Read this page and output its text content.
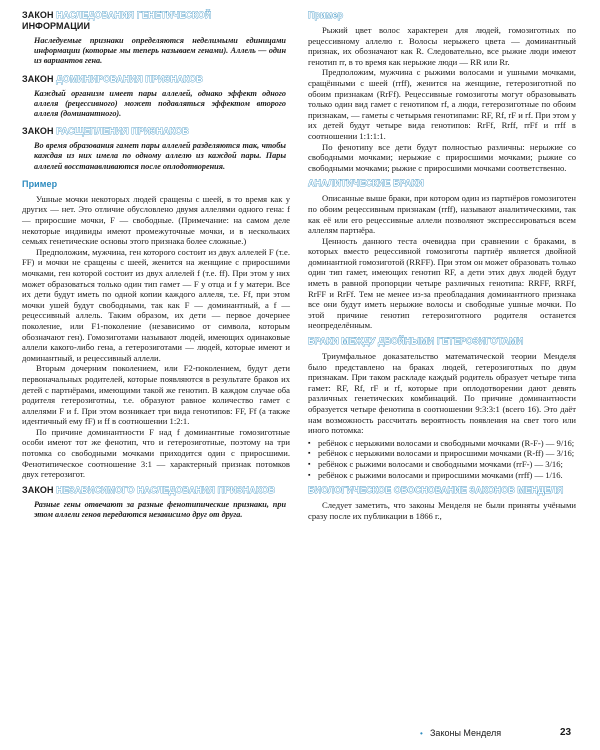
ЗАКОН НАСЛЕДОВАНИЯ ГЕНЕТИЧЕСКОЙ
ИНФОРМАЦИИ

Наследуемые признаки определяются неделимыми единицами информации (которые мы теперь называем генами). Аллель — один из вариантов гена.

ЗАКОН ДОМИНИРОВАНИЯ ПРИЗНАКОВ

Каждый организм имеет пары аллелей, однако эффект одного аллеля (рецессивного) может подавляться эффектом второго аллеля (доминантного).

ЗАКОН РАСЩЕПЛЕНИЯ ПРИЗНАКОВ

Во время образования гамет пары аллелей разделяются так, чтобы каждая из них имела по одному аллелю из каждой пары. Пары аллелей восстанавливаются после оплодотворения.

Пример

Ушные мочки некоторых людей сращены с шеей, в то время как у других — нет. Это отличие обусловлено двумя аллелями одного гена: f — приросшие мочки, F — свободные. (Примечание: на самом деле некоторые индивиды имеют промежуточные мочки, и в нескольких семьях генетические основы этого признака более сложные.)

Предположим, мужчина, ген которого состоит из двух аллелей F (т.е. FF) и мочки не сращены с шеей, женится на женщине с приросшими мочками, ген которой состоит из двух аллелей f (т.е. ff). При этом у них может образоваться только один тип гамет — F у отца и f у матери. Все их дети будут иметь по одной копии каждого аллеля, т.е. Ff, при этом мочки ушей будут свободными, так как F — доминантный, а f — рецессивный аллель. Таким образом, их дети — первое дочернее поколение, или F1-поколение (независимо от символа, которым обозначают ген). Гомозиготами называют людей, имеющих одинаковые аллели какого-либо гена, а гетерозиготами — людей, которые имеют и доминантный, и рецессивный аллели.

Вторым дочерним поколением, или F2-поколением, будут дети первоначальных родителей, которые появляются в результате браков их детей с партнёрами, имеющими такой же генотип. В каждом случае оба родителя гетерозиготны, т.е. образуют равное количество гамет с аллелями F и f. При этом возникает три вида генотипов: FF, Ff (а также идентичный ему fF) и ff в соотношении 1:2:1.

По причине доминантности F над f доминантные гомозиготные особи имеют тот же фенотип, что и гетерозиготные, поэтому на три потомка со свободными мочками приходится один с приросшими. Фенотипическое соотношение 3:1 — характерный признак потомков двух гетерозигот.

ЗАКОН НЕЗАВИСИМОГО НАСЛЕДОВАНИЯ ПРИЗНАКОВ

Разные гены отвечают за разные фенотипические признаки, при этом аллели генов передаются независимо друг от друга.

Пример

Рыжий цвет волос характерен для людей, гомозиготных по рецессивному аллелю r. Волосы нерыжего цвета — доминантный признак, их обозначают как R. Следовательно, все рыжие люди имеют генотип rr, в то время как нерыжие люди — RR или Rr.

Предположим, мужчина с рыжими волосами и ушными мочками, сращёнными с шеей (rrff), женится на женщине, гетерозиготной по обоим признакам (RrFf). Рецессивные гомозиготы могут образовывать только один вид гамет с генотипом rf, а люди, гетерозиготные по обоим признакам, — гаметы с четырьмя генотипами: RF, Rf, rF и rf. При этом у их детей будут четыре вида генотипов: RrFf, Rrff, rrFf и rrff в соотношении 1:1:1:1.

По фенотипу все дети будут полностью различны: нерыжие со свободными мочками; нерыжие с приросшими мочками; рыжие со свободными мочками; рыжие с приросшими мочками соответственно.

АНАЛИТИЧЕСКИЕ БРАКИ

Описанные выше браки, при котором один из партнёров гомозиготен по обоим рецессивным признакам (rrff), называют аналитическими, так как её или его рецессивные аллели позволяют экспрессироваться всем аллелям партнёра.

Ценность данного теста очевидна при сравнении с браками, в которых вместо рецессивной гомозиготы партнёр является двойной доминантной гомозиготой (RRFF). При этом он может образовать только один тип гамет, имеющих генотип RF, а дети этих двух людей будут иметь в равной пропорции четыре различных генотипа: RRFF, RRFf, RrFF и RrFf. Тем не менее из-за преобладания доминантного признака все они будут иметь нерыжие волосы и свободные ушные мочки. По этой причине генотип гетерозиготного родителя останется неопределённым.

БРАКИ МЕЖДУ ДВОЙНЫМИ ГЕТЕРОЗИГОТАМИ

Триумфальное доказательство математической теории Менделя было представлено на браках людей, гетерозиготных по двум признакам. При таком раскладе каждый родитель образует четыре типа гамет: RF, Rf, rF и rf, которые при оплодотворении дают девять различных генетических комбинаций. По причине доминантности образуется четыре фенотипа в соотношении 9:3:3:1 (всего 16). Это даёт нам возможность рассчитать вероятность появления на свет того или иного потомка:

▪ ребёнок с нерыжими волосами и свободными мочками (R-F-) — 9/16;
▪ ребёнок с нерыжими волосами и приросшими мочками (R-ff) — 3/16;
▪ ребёнок с рыжими волосами и свободными мочками (rrF-) — 3/16;
▪ ребёнок с рыжими волосами и приросшими мочками (rrff) — 1/16.
БИОЛОГИЧЕСКОЕ ОБОСНОВАНИЕ ЗАКОНОВ МЕНДЕЛЯ

Следует заметить, что законы Менделя не были приняты учёными сразу после их публикации в 1866 г.,

• Законы Менделя	23
